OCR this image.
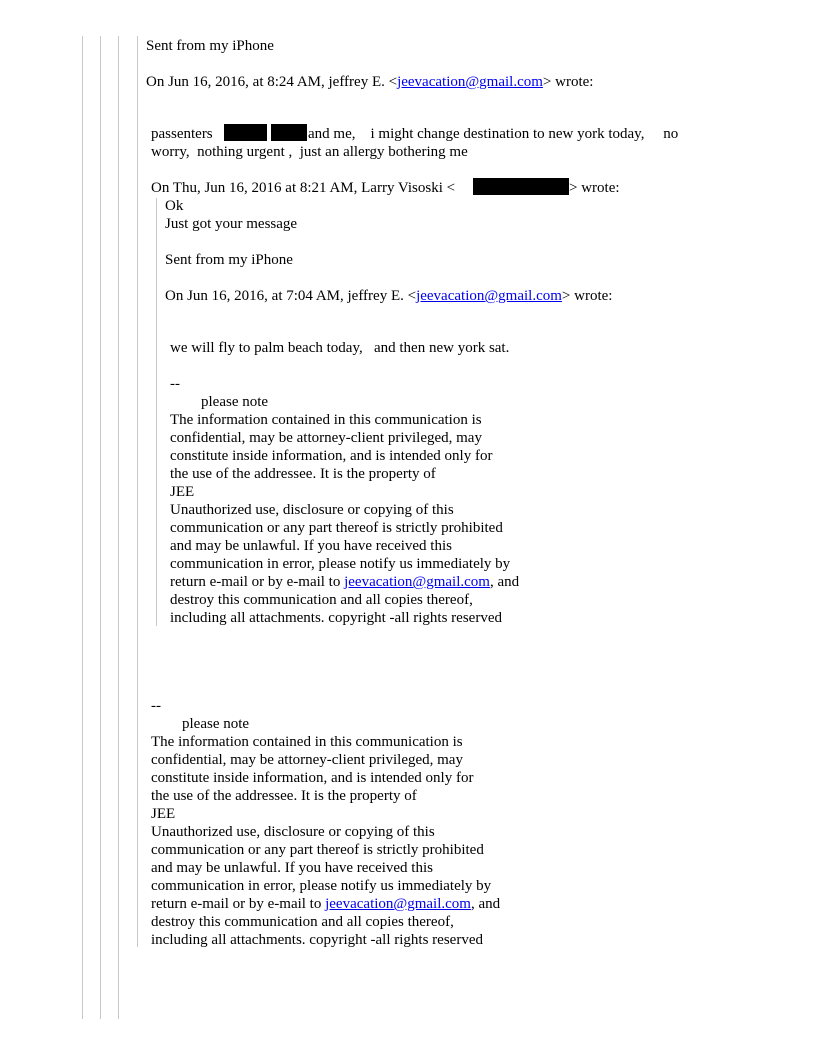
Sent from my iPhone
On Jun 16, 2016, at 8:24 AM, jeffrey E. <jeevacation@gmail.com> wrote:
passenters	and me,    i might change destination to new york today,     no
worry,  nothing urgent ,  just an allergy bothering me
On Thu, Jun 16, 2016 at 8:21 AM, Larry Visoski <	> wrote:
Ok
Just got your message
Sent from my iPhone
On Jun 16, 2016, at 7:04 AM, jeffrey E. <jeevacation@gmail.com> wrote:
we will fly to palm beach today,   and then new york sat.
--
please note
The information contained in this communication is
confidential, may be attorney-client privileged, may
constitute inside information, and is intended only for
the use of the addressee. It is the property of
JEE
Unauthorized use, disclosure or copying of this
communication or any part thereof is strictly prohibited
and may be unlawful. If you have received this
communication in error, please notify us immediately by
return e-mail or by e-mail to jeevacation@gmail.com, and
destroy this communication and all copies thereof,
including all attachments. copyright -all rights reserved
--
please note
The information contained in this communication is
confidential, may be attorney-client privileged, may
constitute inside information, and is intended only for
the use of the addressee. It is the property of
JEE
Unauthorized use, disclosure or copying of this
communication or any part thereof is strictly prohibited
and may be unlawful. If you have received this
communication in error, please notify us immediately by
return e-mail or by e-mail to jeevacation@gmail.com, and
destroy this communication and all copies thereof,
including all attachments. copyright -all rights reserved
